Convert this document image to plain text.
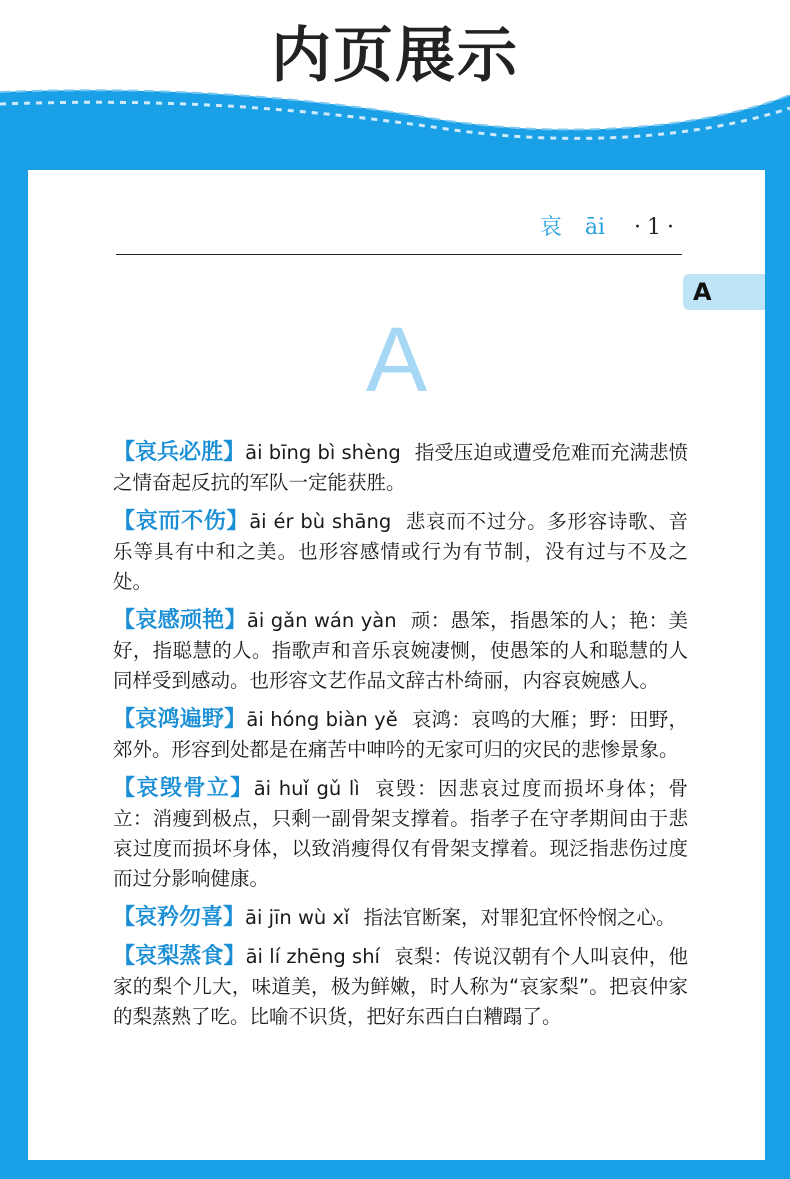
内页展示
哀 āi ·1·
A
A
【哀兵必胜】āi bīng bì shèng 指受压迫或遭受危难而充满悲愤之情奋起反抗的军队一定能获胜。
【哀而不伤】āi ér bù shāng 悲哀而不过分。多形容诗歌、音乐等具有中和之美。也形容感情或行为有节制，没有过与不及之处。
【哀感顽艳】āi gǎn wán yàn 顽：愚笨，指愚笨的人；艳：美好，指聪慧的人。指歌声和音乐哀婉凄恻，使愚笨的人和聪慧的人同样受到感动。也形容文艺作品文辞古朴绮丽，内容哀婉感人。
【哀鸿遍野】āi hóng biàn yě 哀鸿：哀鸣的大雁；野：田野，郊外。形容到处都是在痛苦中呻吟的无家可归的灾民的悲惨景象。
【哀毁骨立】āi huǐ gǔ lì 哀毁：因悲哀过度而损坏身体；骨立：消瘦到极点，只剩一副骨架支撑着。指孝子在守孝期间由于悲哀过度而损坏身体，以致消瘦得仅有骨架支撑着。现泛指悲伤过度而过分影响健康。
【哀矜勿喜】āi jīn wù xǐ 指法官断案，对罪犯宜怀怜悯之心。
【哀梨蒸食】āi lí zhēng shí 哀梨：传说汉朝有个人叫哀仲，他家的梨个儿大，味道美，极为鲜嫩，时人称为“哀家梨”。把哀仲家的梨蒸熟了吃。比喻不识货，把好东西白白糟蹋了。
